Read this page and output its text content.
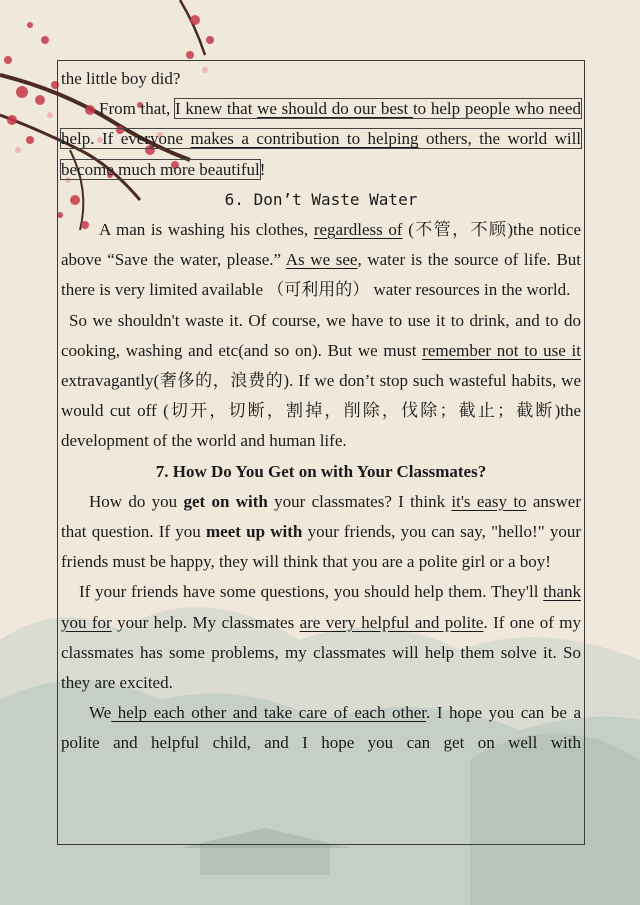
the little boy did?

From that, I knew that we should do our best to help people who need help. If everyone makes a contribution to helping others, the world will become much more beautiful!

6. Don’t Waste Water

A man is washing his clothes, regardless of (不管，不顾)the notice above “Save the water, please.” As we see, water is the source of life. But there is very limited available （可利用的） water resources in the world.

So we shouldn't waste it. Of course, we have to use it to drink, and to do cooking, washing and etc(and so on). But we must remember not to use it extravagantly(奢侈的，浪费的). If we don’t stop such wasteful habits, we would cut off (切开，切断，割掉，削除，伐除；截止；截断)the development of the world and human life.

7. How Do You Get on with Your Classmates?

How do you get on with your classmates? I think it's easy to answer that question. If you meet up with your friends, you can say, "hello!" your friends must be happy, they will think that you are a polite girl or a boy!

If your friends have some questions, you should help them. They'll thank you for your help. My classmates are very helpful and polite. If one of my classmates has some problems, my classmates will help them solve it. So they are excited.

We help each other and take care of each other. I hope you can be a polite and helpful child, and I hope you can get on well with
